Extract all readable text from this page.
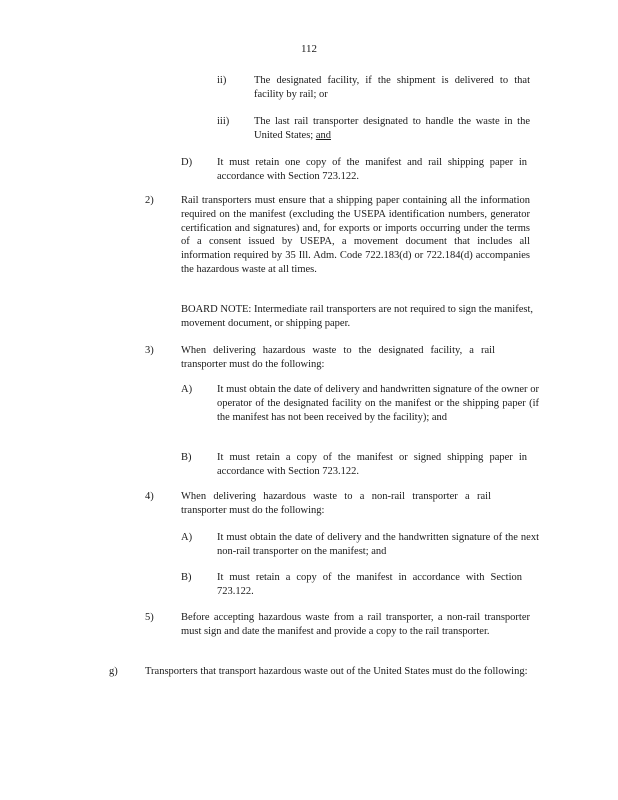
112
ii)	The designated facility, if the shipment is delivered to that facility by rail; or
iii) The last rail transporter designated to handle the waste in the United States; and
D) It must retain one copy of the manifest and rail shipping paper in accordance with Section 723.122.
2)	Rail transporters must ensure that a shipping paper containing all the information required on the manifest (excluding the USEPA identification numbers, generator certification and signatures) and, for exports or imports occurring under the terms of a consent issued by USEPA, a movement document that includes all information required by 35 Ill. Adm. Code 722.183(d) or 722.184(d) accompanies the hazardous waste at all times.
BOARD NOTE: Intermediate rail transporters are not required to sign the manifest, movement document, or shipping paper.
3)	When delivering hazardous waste to the designated facility, a rail transporter must do the following:
A) It must obtain the date of delivery and handwritten signature of the owner or operator of the designated facility on the manifest or the shipping paper (if the manifest has not been received by the facility); and
B) It must retain a copy of the manifest or signed shipping paper in accordance with Section 723.122.
4)	When delivering hazardous waste to a non-rail transporter a rail transporter must do the following:
A) It must obtain the date of delivery and the handwritten signature of the next non-rail transporter on the manifest; and
B) It must retain a copy of the manifest in accordance with Section 723.122.
5)	Before accepting hazardous waste from a rail transporter, a non-rail transporter must sign and date the manifest and provide a copy to the rail transporter.
g)	Transporters that transport hazardous waste out of the United States must do the following:
